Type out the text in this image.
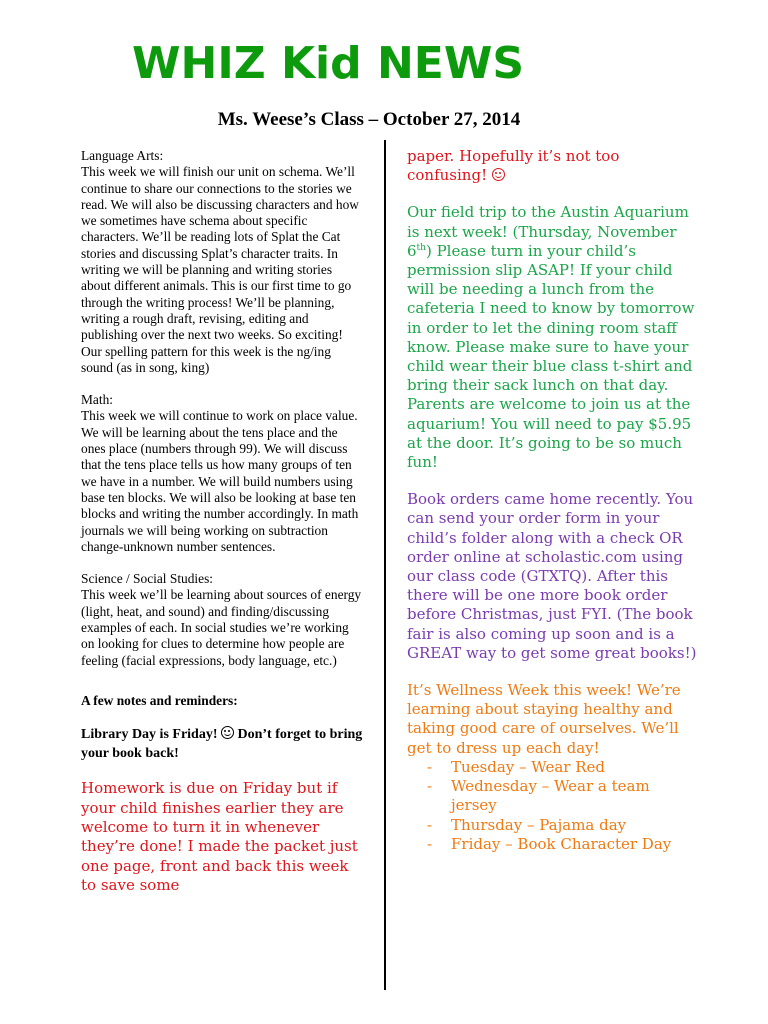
WHIZ Kid NEWS
Ms. Weese’s Class – October 27, 2014

Language Arts:
This week we will finish our unit on schema. We’ll continue to share our connections to the stories we read. We will also be discussing characters and how we sometimes have schema about specific characters. We’ll be reading lots of Splat the Cat stories and discussing Splat’s character traits. In writing we will be planning and writing stories about different animals. This is our first time to go through the writing process! We’ll be planning, writing a rough draft, revising, editing and publishing over the next two weeks. So exciting! Our spelling pattern for this week is the ng/ing sound (as in song, king)

Math:
This week we will continue to work on place value. We will be learning about the tens place and the ones place (numbers through 99). We will discuss that the tens place tells us how many groups of ten we have in a number. We will build numbers using base ten blocks. We will also be looking at base ten blocks and writing the number accordingly. In math journals we will being working on subtraction change-unknown number sentences.

Science / Social Studies:
This week we’ll be learning about sources of energy (light, heat, and sound) and finding/discussing examples of each. In social studies we’re working on looking for clues to determine how people are feeling (facial expressions, body language, etc.)

A few notes and reminders:

Library Day is Friday! Don’t forget to bring your book back!

Homework is due on Friday but if your child finishes earlier they are welcome to turn it in whenever they’re done! I made the packet just one page, front and back this week to save some

paper. Hopefully it’s not too confusing!

Our field trip to the Austin Aquarium is next week! (Thursday, November 6th) Please turn in your child’s permission slip ASAP! If your child will be needing a lunch from the cafeteria I need to know by tomorrow in order to let the dining room staff know. Please make sure to have your child wear their blue class t-shirt and bring their sack lunch on that day. Parents are welcome to join us at the aquarium! You will need to pay $5.95 at the door. It’s going to be so much fun!

Book orders came home recently. You can send your order form in your child’s folder along with a check OR order online at scholastic.com using our class code (GTXTQ). After this there will be one more book order before Christmas, just FYI. (The book fair is also coming up soon and is a GREAT way to get some great books!)

It’s Wellness Week this week! We’re learning about staying healthy and taking good care of ourselves. We’ll get to dress up each day!
-	Tuesday – Wear Red
-	Wednesday – Wear a team jersey
-	Thursday – Pajama day
-	Friday – Book Character Day
